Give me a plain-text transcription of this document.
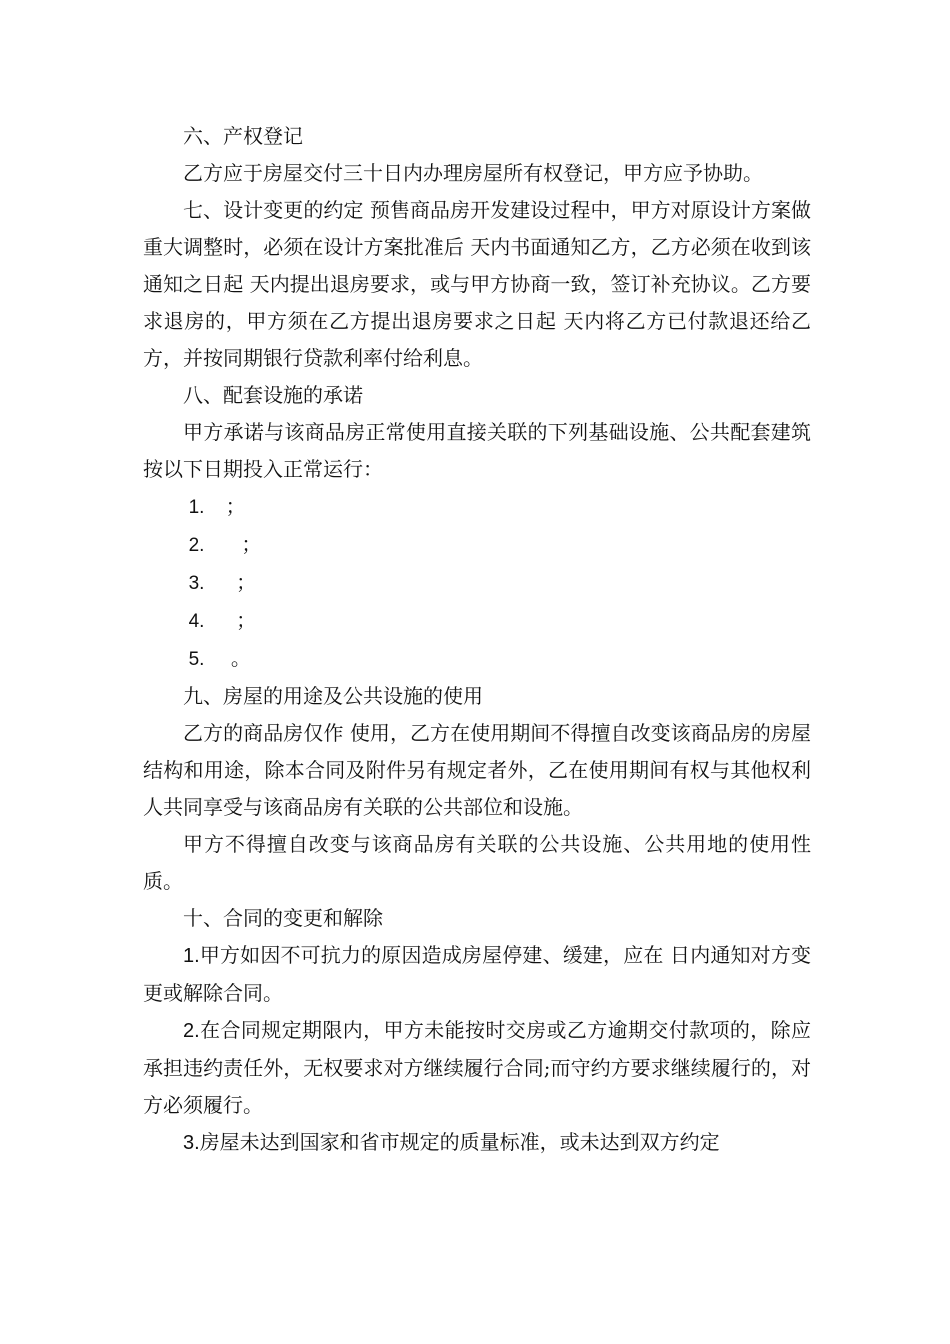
六、产权登记

乙方应于房屋交付三十日内办理房屋所有权登记，甲方应予协助。

七、设计变更的约定 预售商品房开发建设过程中，甲方对原设计方案做重大调整时，必须在设计方案批准后 天内书面通知乙方，乙方必须在收到该通知之日起 天内提出退房要求，或与甲方协商一致，签订补充协议。乙方要求退房的，甲方须在乙方提出退房要求之日起 天内将乙方已付款退还给乙方，并按同期银行贷款利率付给利息。

八、配套设施的承诺

甲方承诺与该商品房正常使用直接关联的下列基础设施、公共配套建筑按以下日期投入正常运行：

1. ；

2. ；

3. ；

4. ；

5. 。

九、房屋的用途及公共设施的使用

乙方的商品房仅作 使用，乙方在使用期间不得擅自改变该商品房的房屋结构和用途，除本合同及附件另有规定者外，乙在使用期间有权与其他权利人共同享受与该商品房有关联的公共部位和设施。

甲方不得擅自改变与该商品房有关联的公共设施、公共用地的使用性质。

十、合同的变更和解除

1.甲方如因不可抗力的原因造成房屋停建、缓建，应在 日内通知对方变更或解除合同。

2.在合同规定期限内，甲方未能按时交房或乙方逾期交付款项的，除应承担违约责任外，无权要求对方继续履行合同;而守约方要求继续履行的，对方必须履行。

3.房屋未达到国家和省市规定的质量标准，或未达到双方约定
